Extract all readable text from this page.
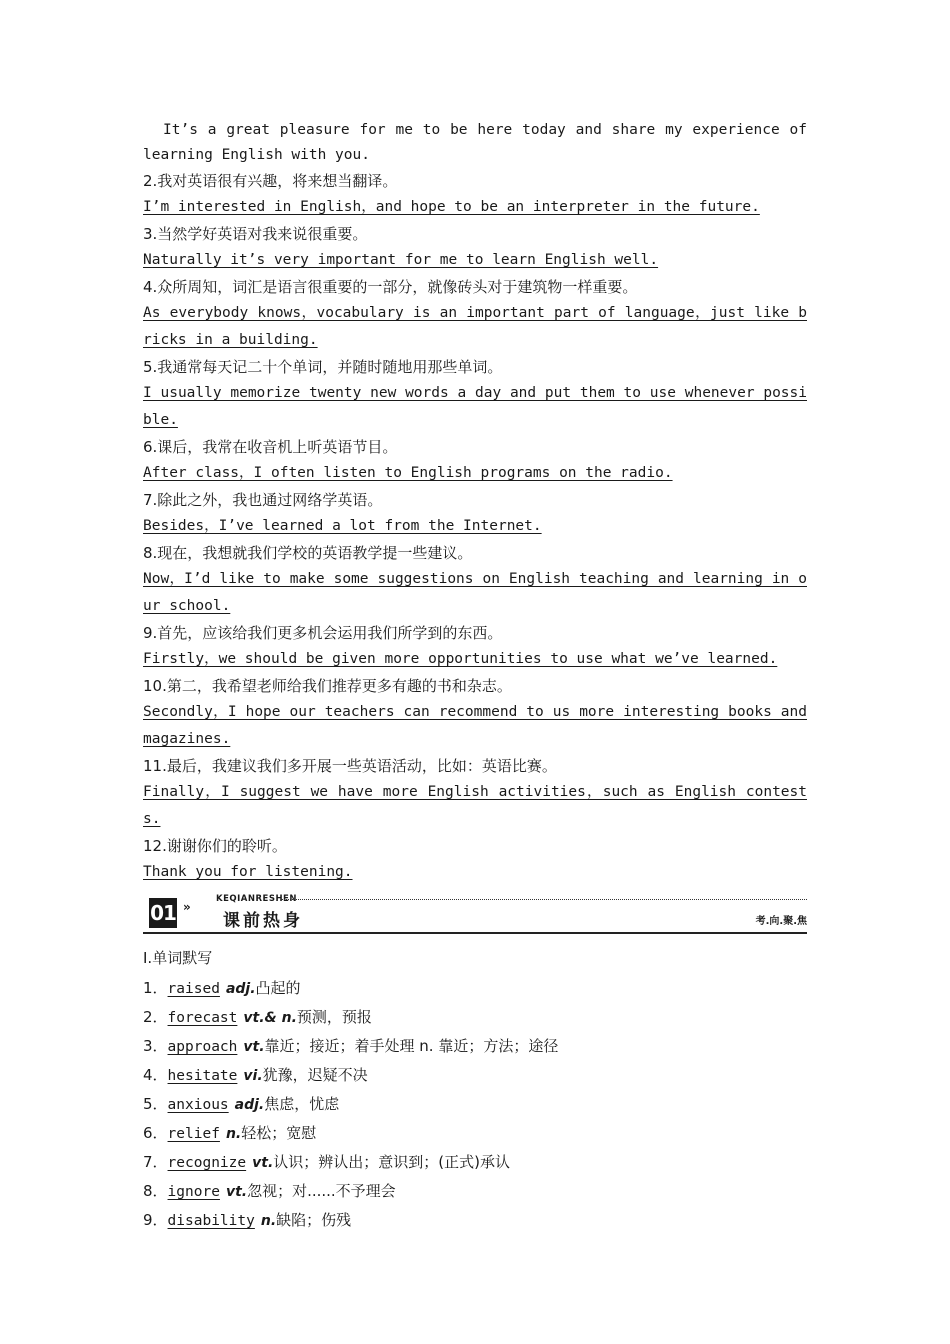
It’s a great pleasure for me to be here today and share my experience of learning English with you.
2.我对英语很有兴趣，将来想当翻译。
I’m interested in English，and hope to be an interpreter in the future.
3.当然学好英语对我来说很重要。
Naturally it’s very important for me to learn English well.
4.众所周知，词汇是语言很重要的一部分，就像砖头对于建筑物一样重要。
As everybody knows，vocabulary is an important part of language，just like bricks in a building.
5.我通常每天记二十个单词，并随时随地用那些单词。
I usually memorize twenty new words a day and put them to use whenever possible.
6.课后，我常在收音机上听英语节目。
After class，I often listen to English programs on the radio.
7.除此之外，我也通过网络学英语。
Besides，I’ve learned a lot from the Internet.
8.现在，我想就我们学校的英语教学提一些建议。
Now，I’d like to make some suggestions on English teaching and learning in our school.
9.首先，应该给我们更多机会运用我们所学到的东西。
Firstly，we should be given more opportunities to use what we’ve learned.
10.第二，我希望老师给我们推荐更多有趣的书和杂志。
Secondly，I hope our teachers can recommend to us more interesting books and magazines.
11.最后，我建议我们多开展一些英语活动，比如：英语比赛。
Finally，I suggest we have more English activities，such as English contests.
12.谢谢你们的聆听。
Thank you for listening.
01 »
KEQIANRESHEN
课前热身	考.向.聚.焦
Ⅰ.单词默写
1．raised adj.凸起的
2．forecast vt.& n.预测，预报
3．approach vt.靠近；接近；着手处理 n. 靠近；方法；途径
4．hesitate vi.犹豫，迟疑不决
5．anxious adj.焦虑，忧虑
6．relief n.轻松；宽慰
7．recognize vt.认识；辨认出；意识到；(正式)承认
8．ignore vt.忽视；对......不予理会
9．disability n.缺陷；伤残
